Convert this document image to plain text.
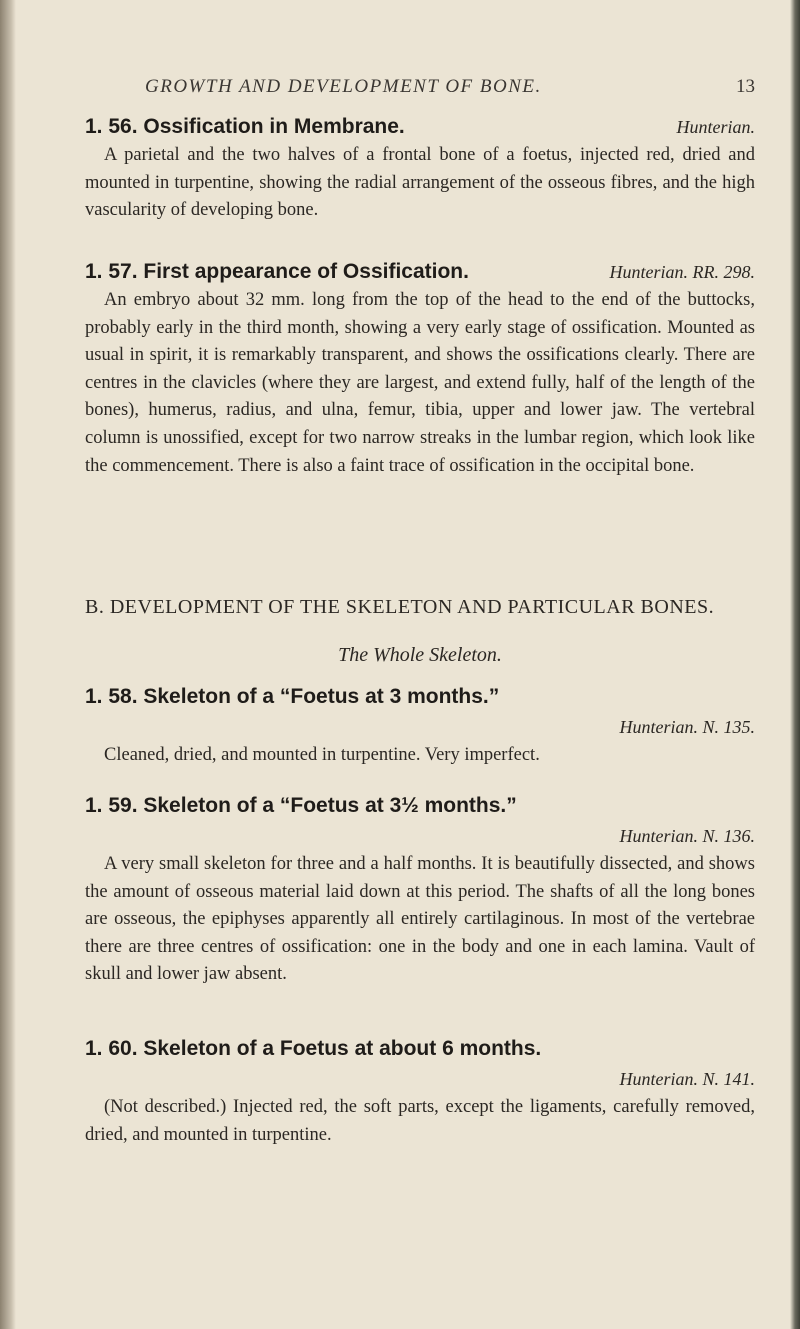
GROWTH AND DEVELOPMENT OF BONE.	13
1. 56. Ossification in Membrane.	Hunterian.

A parietal and the two halves of a frontal bone of a foetus, injected red, dried and mounted in turpentine, showing the radial arrangement of the osseous fibres, and the high vascularity of developing bone.

1. 57. First appearance of Ossification.	Hunterian. RR. 298.

An embryo about 32 mm. long from the top of the head to the end of the buttocks, probably early in the third month, showing a very early stage of ossification. Mounted as usual in spirit, it is remarkably transparent, and shows the ossifications clearly. There are centres in the clavicles (where they are largest, and extend fully, half of the length of the bones), humerus, radius, and ulna, femur, tibia, upper and lower jaw. The vertebral column is unossified, except for two narrow streaks in the lumbar region, which look like the commencement. There is also a faint trace of ossification in the occipital bone.

B. DEVELOPMENT OF THE SKELETON AND PARTICULAR BONES.
The Whole Skeleton.
1. 58. Skeleton of a “Foetus at 3 months.”
Hunterian. N. 135.

Cleaned, dried, and mounted in turpentine. Very imperfect.

1. 59. Skeleton of a “Foetus at 3½ months.”
Hunterian. N. 136.

A very small skeleton for three and a half months. It is beautifully dissected, and shows the amount of osseous material laid down at this period. The shafts of all the long bones are osseous, the epiphyses apparently all entirely cartilaginous. In most of the vertebrae there are three centres of ossification: one in the body and one in each lamina. Vault of skull and lower jaw absent.

1. 60. Skeleton of a Foetus at about 6 months.
Hunterian. N. 141.

(Not described.) Injected red, the soft parts, except the ligaments, carefully removed, dried, and mounted in turpentine.
